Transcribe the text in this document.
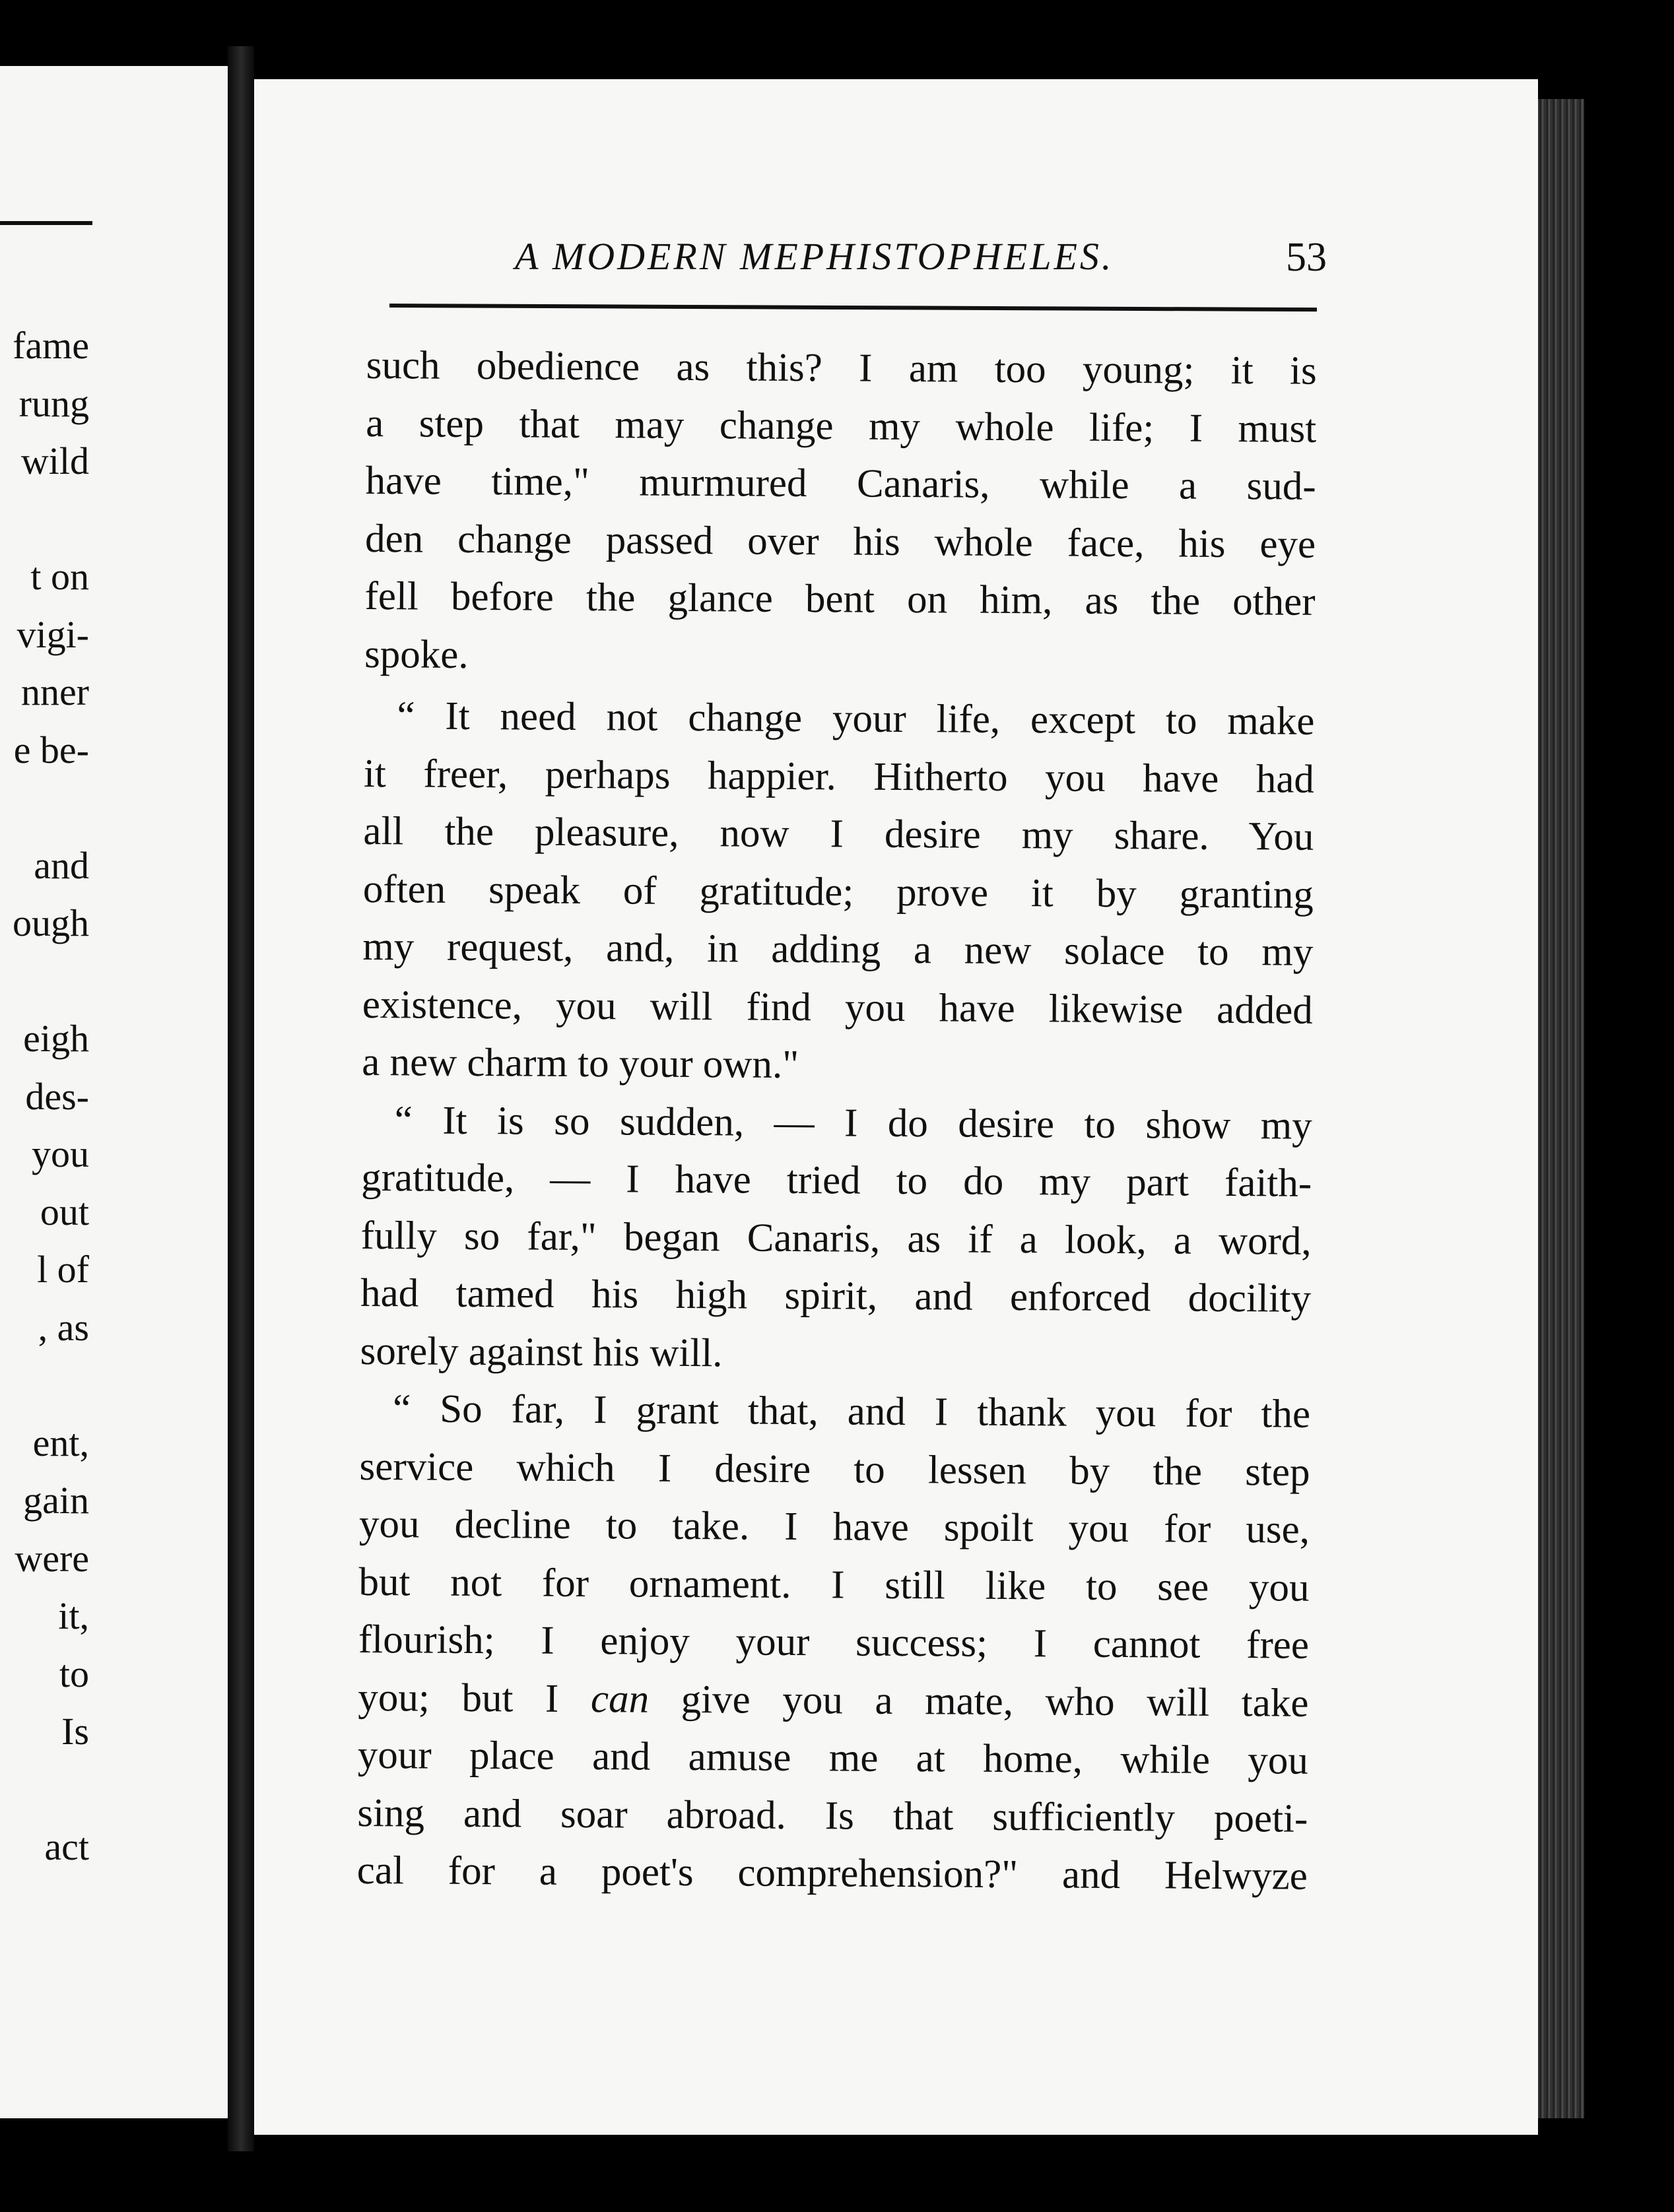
fame
rung
wild
t on
vigi-
nner
e be-
and
ough
eigh
des-
you
out
l of
, as
ent,
gain
were
it,
to
Is
act
A MODERN MEPHISTOPHELES.	53
such obedience as this? I am too young; it is
a step that may change my whole life; I must
have time," murmured Canaris, while a sud-
den change passed over his whole face, his eye
fell before the glance bent on him, as the other
spoke.
“ It need not change your life, except to make
it freer, perhaps happier. Hitherto you have had
all the pleasure, now I desire my share. You
often speak of gratitude; prove it by granting
my request, and, in adding a new solace to my
existence, you will find you have likewise added
a new charm to your own."
“ It is so sudden, — I do desire to show my
gratitude, — I have tried to do my part faith-
fully so far," began Canaris, as if a look, a word,
had tamed his high spirit, and enforced docility
sorely against his will.
“ So far, I grant that, and I thank you for the
service which I desire to lessen by the step
you decline to take. I have spoilt you for use,
but not for ornament. I still like to see you
flourish; I enjoy your success; I cannot free
you; but I can give you a mate, who will take
your place and amuse me at home, while you
sing and soar abroad. Is that sufficiently poeti-
cal for a poet's comprehension?" and Helwyze
